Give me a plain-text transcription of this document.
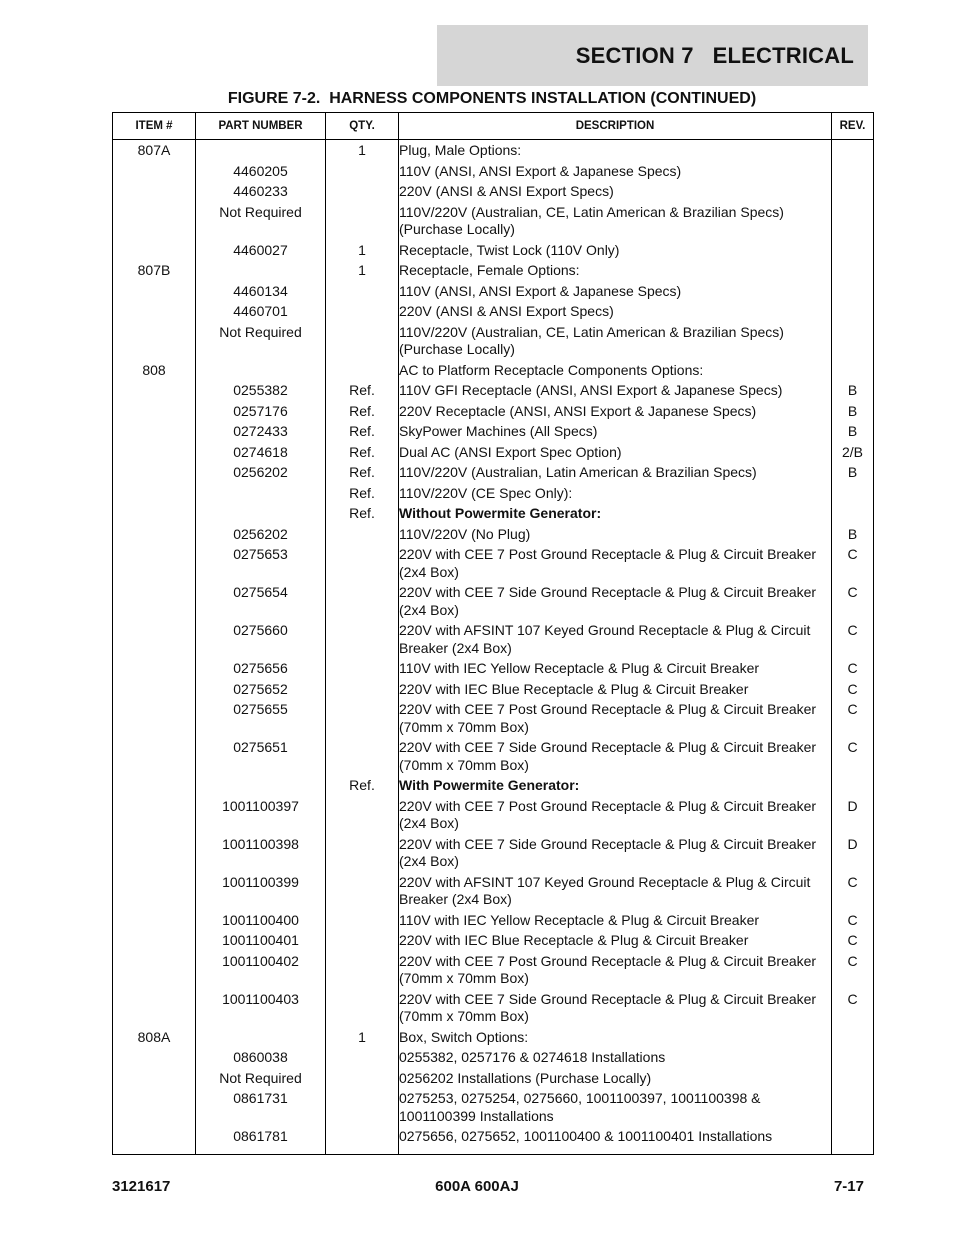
SECTION 7   ELECTRICAL
FIGURE 7-2.  HARNESS COMPONENTS INSTALLATION (CONTINUED)
ITEM #	PART NUMBER	QTY.	DESCRIPTION	REV.
807A		1	Plug, Male Options:	
	4460205		110V (ANSI, ANSI Export & Japanese Specs)	
	4460233		220V (ANSI & ANSI Export Specs)	
	Not Required		110V/220V (Australian, CE, Latin American & Brazilian Specs) (Purchase Locally)	
	4460027	1	Receptacle, Twist Lock (110V Only)	
807B		1	Receptacle, Female Options:	
	4460134		110V (ANSI, ANSI Export & Japanese Specs)	
	4460701		220V (ANSI & ANSI Export Specs)	
	Not Required		110V/220V (Australian, CE, Latin American & Brazilian Specs) (Purchase Locally)	
808			AC to Platform Receptacle Components Options:	
	0255382	Ref.	110V GFI Receptacle (ANSI, ANSI Export & Japanese Specs)	B
	0257176	Ref.	220V Receptacle (ANSI, ANSI Export & Japanese Specs)	B
	0272433	Ref.	SkyPower Machines (All Specs)	B
	0274618	Ref.	Dual AC (ANSI Export Spec Option)	2/B
	0256202	Ref.	110V/220V (Australian, Latin American & Brazilian Specs)	B
		Ref.	110V/220V (CE Spec Only):	
		Ref.	Without Powermite Generator:	
	0256202		110V/220V (No Plug)	B
	0275653		220V with CEE 7 Post Ground Receptacle & Plug & Circuit Breaker (2x4 Box)	C
	0275654		220V with CEE 7 Side Ground Receptacle & Plug & Circuit Breaker (2x4 Box)	C
	0275660		220V with AFSINT 107 Keyed Ground Receptacle & Plug & Circuit Breaker (2x4 Box)	C
	0275656		110V with IEC Yellow Receptacle & Plug & Circuit Breaker	C
	0275652		220V with IEC Blue Receptacle & Plug & Circuit Breaker	C
	0275655		220V with CEE 7 Post Ground Receptacle & Plug & Circuit Breaker (70mm x 70mm Box)	C
	0275651		220V with CEE 7 Side Ground Receptacle & Plug & Circuit Breaker (70mm x 70mm Box)	C
		Ref.	With Powermite Generator:	
	1001100397		220V with CEE 7 Post Ground Receptacle & Plug & Circuit Breaker (2x4 Box)	D
	1001100398		220V with CEE 7 Side Ground Receptacle & Plug & Circuit Breaker (2x4 Box)	D
	1001100399		220V with AFSINT 107 Keyed Ground Receptacle & Plug & Circuit Breaker (2x4 Box)	C
	1001100400		110V with IEC Yellow Receptacle & Plug & Circuit Breaker	C
	1001100401		220V with IEC Blue Receptacle & Plug & Circuit Breaker	C
	1001100402		220V with CEE 7 Post Ground Receptacle & Plug & Circuit Breaker (70mm x 70mm Box)	C
	1001100403		220V with CEE 7 Side Ground Receptacle & Plug & Circuit Breaker (70mm x 70mm Box)	C
808A		1	Box, Switch Options:	
	0860038		0255382, 0257176 & 0274618 Installations	
	Not Required		0256202 Installations (Purchase Locally)	
	0861731		0275253, 0275254, 0275660, 1001100397, 1001100398 & 1001100399 Installations	
	0861781		0275656, 0275652, 1001100400 & 1001100401 Installations	
3121617	600A 600AJ	7-17
